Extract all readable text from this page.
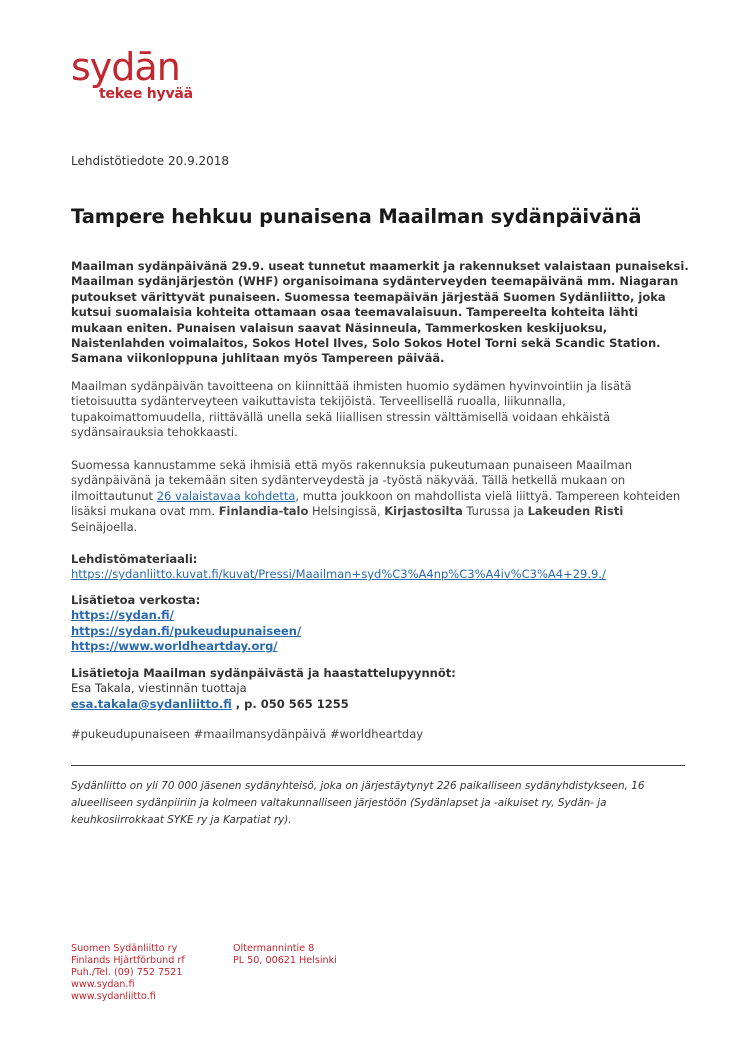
sydān
tekee hyvää
Lehdistötiedote 20.9.2018
Tampere hehkuu punaisena Maailman sydänpäivänä

Maailman sydänpäivänä 29.9. useat tunnetut maamerkit ja rakennukset valaistaan punaiseksi. Maailman sydänjärjestön (WHF) organisoimana sydänterveyden teemapäivänä mm. Niagaran putoukset värittyvät punaiseen. Suomessa teemapäivän järjestää Suomen Sydänliitto, joka kutsui suomalaisia kohteita ottamaan osaa teemavalaisuun. Tampereelta kohteita lähti mukaan eniten. Punaisen valaisun saavat Näsinneula, Tammerkosken keskijuoksu, Naistenlahden voimalaitos, Sokos Hotel Ilves, Solo Sokos Hotel Torni sekä Scandic Station. Samana viikonloppuna juhlitaan myös Tampereen päivää.

Maailman sydänpäivän tavoitteena on kiinnittää ihmisten huomio sydämen hyvinvointiin ja lisätä tietoisuutta sydänterveyteen vaikuttavista tekijöistä. Terveellisellä ruoalla, liikunnalla, tupakoimattomuudella, riittävällä unella sekä liiallisen stressin välttämisellä voidaan ehkäistä sydänsairauksia tehokkaasti.

Suomessa kannustamme sekä ihmisiä että myös rakennuksia pukeutumaan punaiseen Maailman sydänpäivänä ja tekemään siten sydänterveydestä ja -työstä näkyvää. Tällä hetkellä mukaan on ilmoittautunut 26 valaistavaa kohdetta, mutta joukkoon on mahdollista vielä liittyä. Tampereen kohteiden lisäksi mukana ovat mm. Finlandia-talo Helsingissä, Kirjastosilta Turussa ja Lakeuden Risti Seinäjoella.

Lehdistömateriaali:
https://sydanliitto.kuvat.fi/kuvat/Pressi/Maailman+syd%C3%A4np%C3%A4iv%C3%A4+29.9./
Lisätietoa verkosta:
https://sydan.fi/
https://sydan.fi/pukeudupunaiseen/
https://www.worldheartday.org/
Lisätietoja Maailman sydänpäivästä ja haastattelupyynnöt:
Esa Takala, viestinnän tuottaja
esa.takala@sydanliitto.fi , p. 050 565 1255
#pukeudupunaiseen #maailmansydänpäivä #worldheartday

Sydänliitto on yli 70 000 jäsenen sydänyhteisö, joka on järjestäytynyt 226 paikalliseen sydänyhdistykseen, 16 alueelliseen sydänpiiriin ja kolmeen valtakunnalliseen järjestöön (Sydänlapset ja -aikuiset ry, Sydän- ja keuhkosiirrokkaat SYKE ry ja Karpatiat ry).

Suomen Sydänliitto ry
Finlands Hjärtförbund rf
Puh./Tel. (09) 752 7521
www.sydan.fi
www.sydanliitto.fi
Oltermannintie 8
PL 50, 00621 Helsinki
